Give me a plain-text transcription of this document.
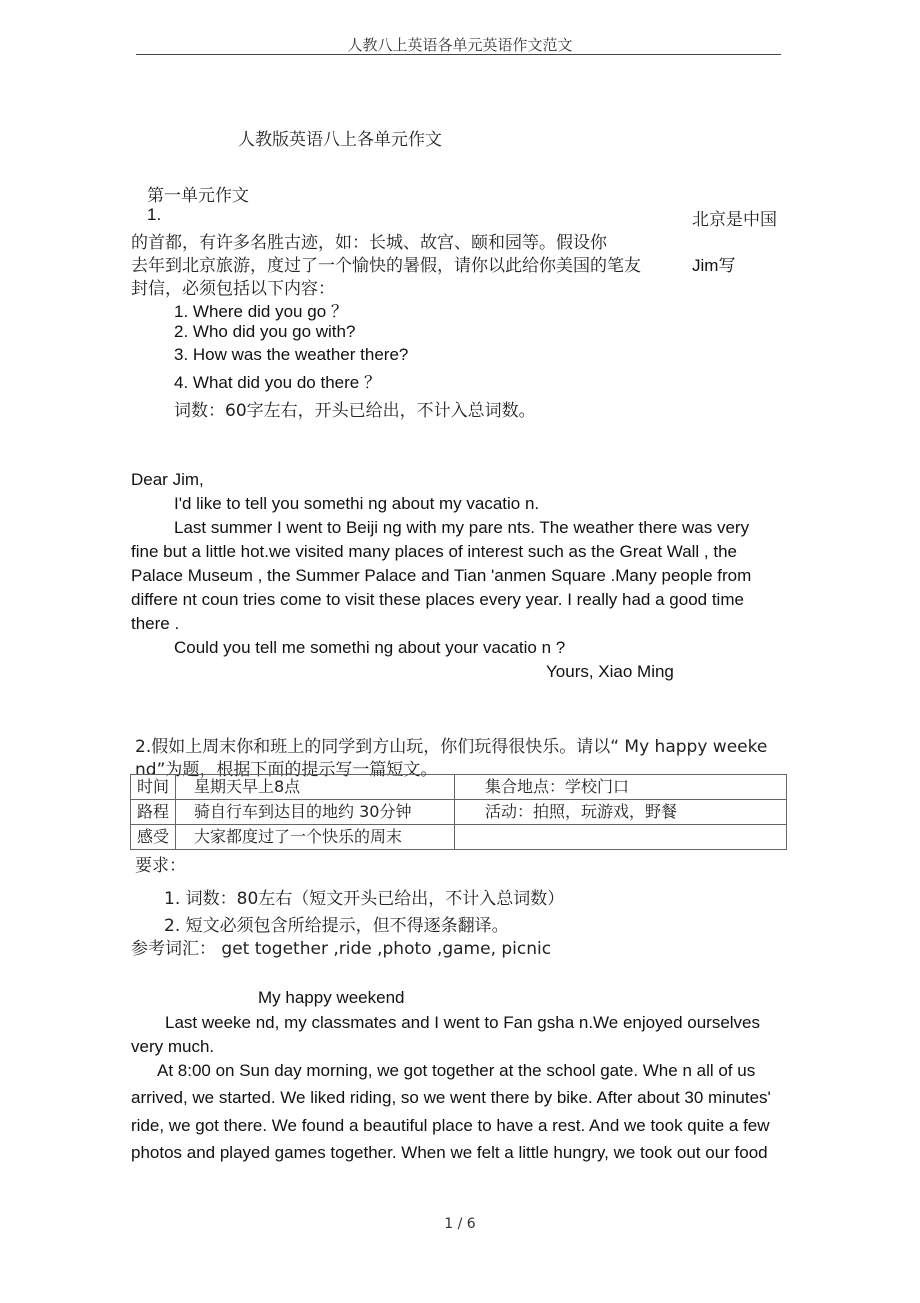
人教八上英语各单元英语作文范文
人教版英语八上各单元作文
第一单元作文
1.	北京是中国
的首都，有许多名胜古迹，如：长城、故宫、颐和园等。假设你
去年到北京旅游，度过了一个愉快的暑假，请你以此给你美国的笔友	Jim写
封信，必须包括以下内容：
1. Where did you go ？
2. Who did you go with?
3. How was the weather there?
4. What did you do there ？
词数：60字左右，开头已给出，不计入总词数。
Dear Jim,
I'd like to tell you somethi ng about my vacatio n.
Last summer I went to Beiji ng with my pare nts. The weather there was very
fine but a little hot.we visited many places of interest such as the Great Wall , the
Palace Museum , the Summer Palace and Tian 'anmen Square .Many people from
differe nt coun tries come to visit these places every year. I really had a good time
there .
Could you tell me somethi ng about your vacatio n ?
Yours, Xiao Ming
2.假如上周末你和班上的同学到方山玩，你们玩得很快乐。请以“ My happy weeke
nd”为题，根据下面的提示写一篇短文。
时间	星期天早上8点	集合地点：学校门口
路程	骑自行车到达目的地约 30分钟	活动：拍照，玩游戏，野餐
感受	大家都度过了一个快乐的周末	
要求：
1. 词数：80左右（短文开头已给出，不计入总词数）
2. 短文必须包含所给提示，但不得逐条翻译。
参考词汇： get together ,ride ,photo ,game, picnic
My happy weekend
Last weeke nd, my classmates and I went to Fan gsha n.We enjoyed ourselves
very much.
At 8:00 on Sun day morning, we got together at the school gate. Whe n all of us
arrived, we started. We liked riding, so we went there by bike. After about 30 minutes'
ride, we got there. We found a beautiful place to have a rest. And we took quite a few
photos and played games together. When we felt a little hungry, we took out our food
1 / 6
